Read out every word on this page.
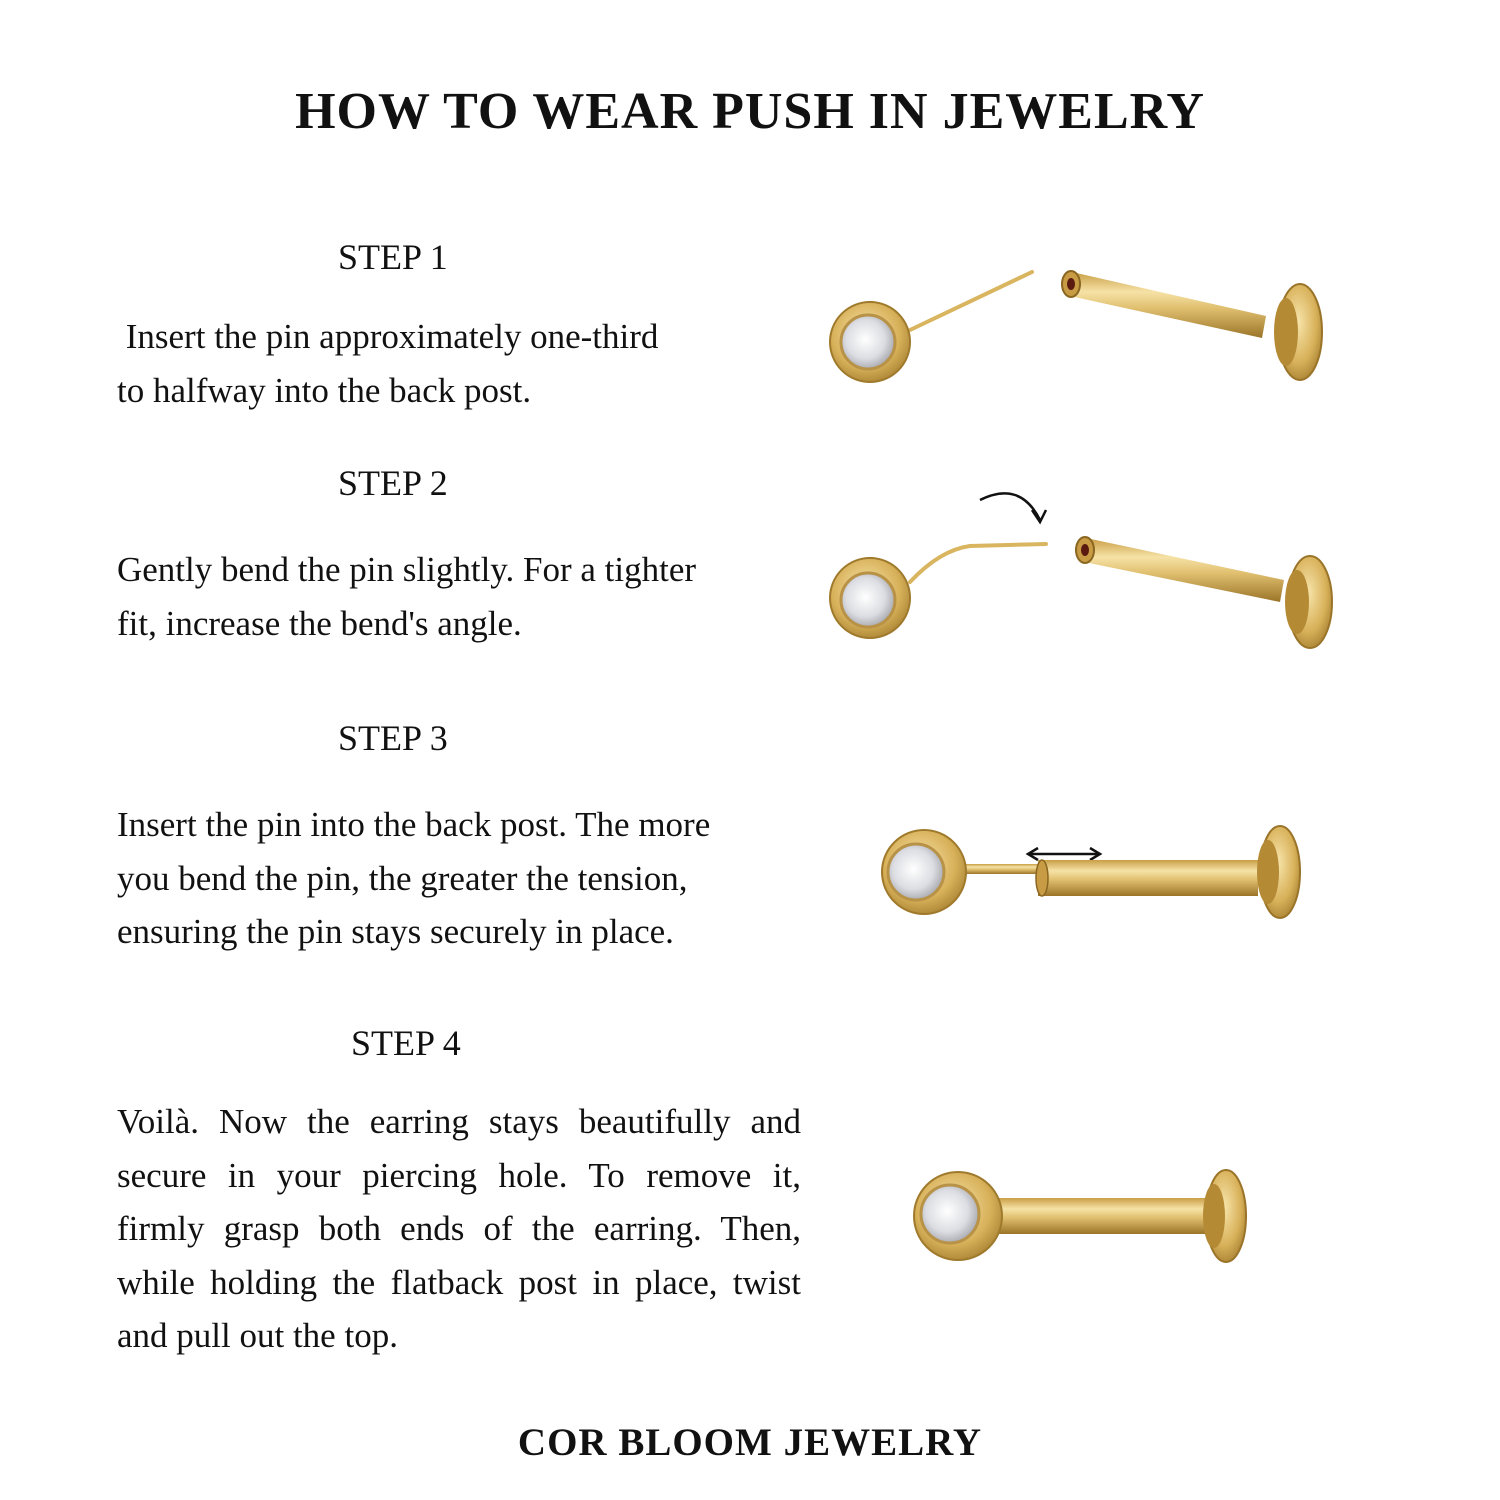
HOW TO WEAR PUSH IN JEWELRY
STEP 1

Insert the pin approximately one-third
to halfway into the back post.

STEP 2

Gently bend the pin slightly. For a tighter
fit, increase the bend's angle.

STEP 3

Insert the pin into the back post. The more
you bend the pin, the greater the tension,
ensuring the pin stays securely in place.

STEP 4

Voilà. Now the earring stays beautifully and secure in your piercing hole. To remove it, firmly grasp both ends of the earring. Then, while holding the flatback post in place, twist and pull out the top.

COR BLOOM JEWELRY
